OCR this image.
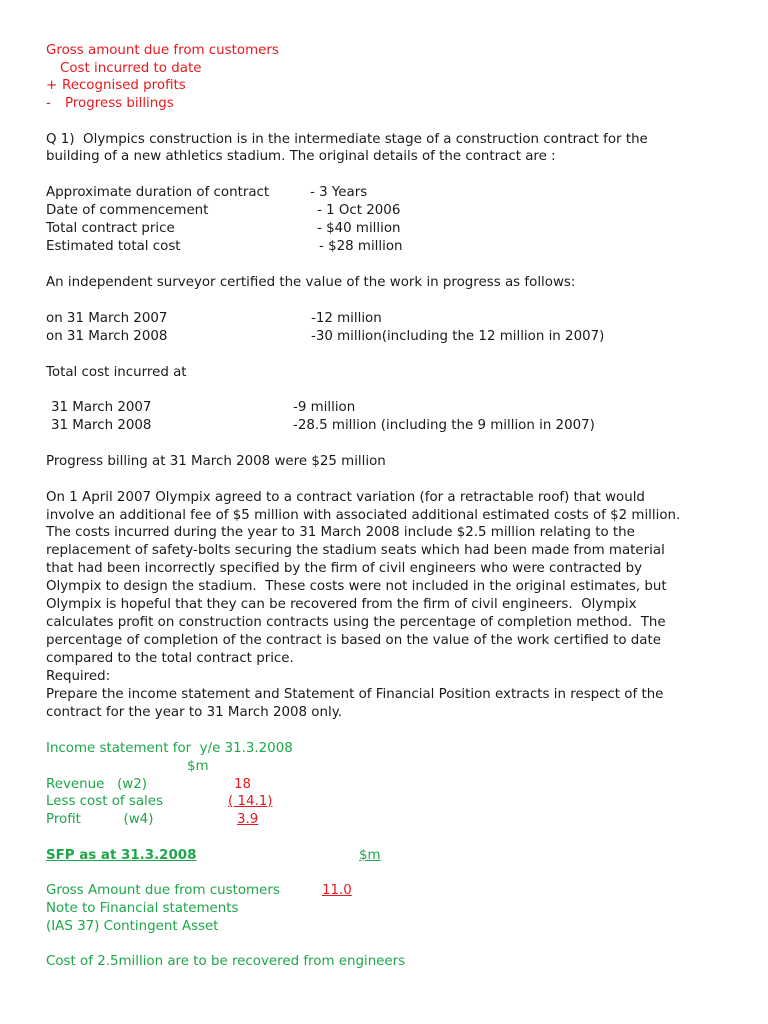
Gross amount due from customers
Cost incurred to date
+ Recognised profits
- Progress billings
Q 1)  Olympics construction is in the intermediate stage of a construction contract for the
building of a new athletics stadium. The original details of the contract are :
Approximate duration of contract	- 3 Years
Date of commencement	- 1 Oct 2006
Total contract price	- $40 million
Estimated total cost	- $28 million
An independent surveyor certified the value of the work in progress as follows:
on 31 March 2007	-12 million
on 31 March 2008	-30 million(including the 12 million in 2007)
Total cost incurred at
31 March 2007	-9 million
31 March 2008	-28.5 million (including the 9 million in 2007)
Progress billing at 31 March 2008 were $25 million
On 1 April 2007 Olympix agreed to a contract variation (for a retractable roof) that would
involve an additional fee of $5 million with associated additional estimated costs of $2 million.
The costs incurred during the year to 31 March 2008 include $2.5 million relating to the
replacement of safety-bolts securing the stadium seats which had been made from material
that had been incorrectly specified by the firm of civil engineers who were contracted by
Olympix to design the stadium.  These costs were not included in the original estimates, but
Olympix is hopeful that they can be recovered from the firm of civil engineers.  Olympix
calculates profit on construction contracts using the percentage of completion method.  The
percentage of completion of the contract is based on the value of the work certified to date
compared to the total contract price.
Required:
Prepare the income statement and Statement of Financial Position extracts in respect of the
contract for the year to 31 March 2008 only.
Income statement for  y/e 31.3.2008
$m
Revenue   (w2)	18
Less cost of sales	( 14.1)
Profit          (w4)	3.9
SFP as at 31.3.2008	$m
Gross Amount due from customers	11.0
Note to Financial statements
(IAS 37) Contingent Asset
Cost of 2.5million are to be recovered from engineers
